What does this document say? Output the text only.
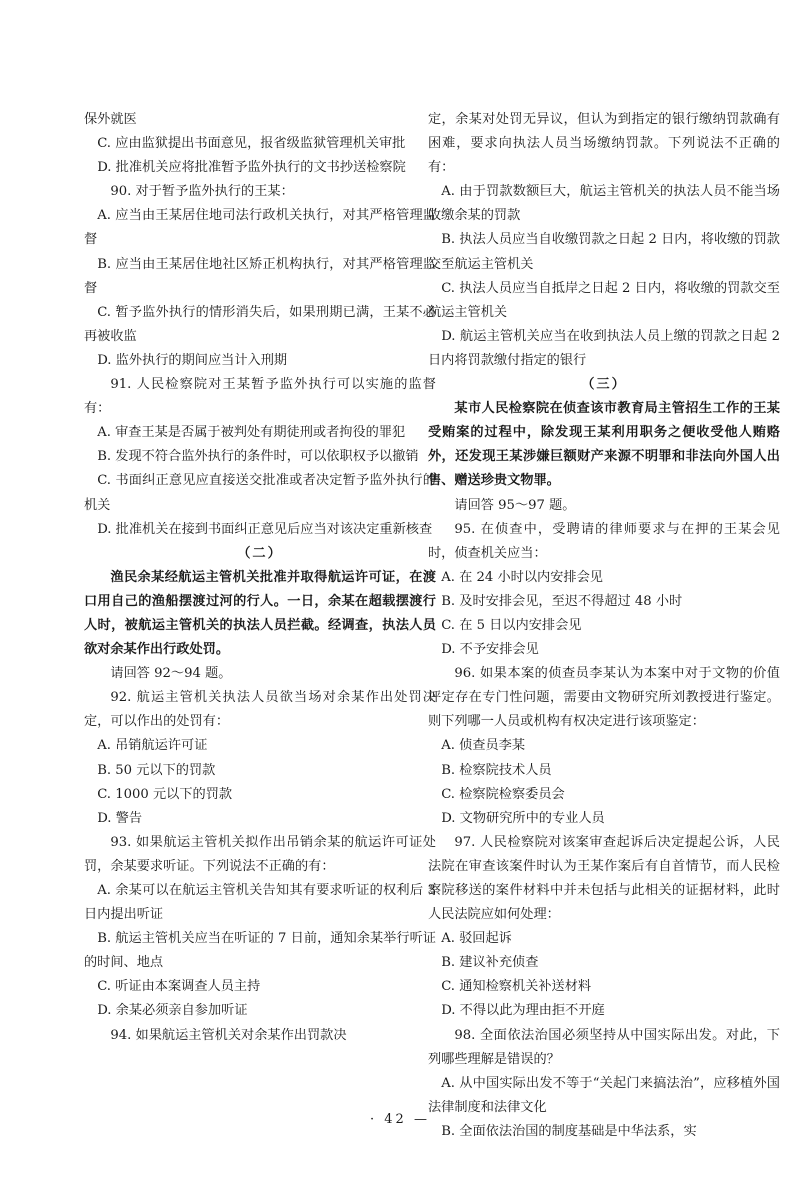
保外就医

C. 应由监狱提出书面意见，报省级监狱管理机关审批

D. 批准机关应将批准暂予监外执行的文书抄送检察院

90. 对于暂予监外执行的王某：

A. 应当由王某居住地司法行政机关执行，对其严格管理监督

B. 应当由王某居住地社区矫正机构执行，对其严格管理监督

C. 暂予监外执行的情形消失后，如果刑期已满，王某不必再被收监

D. 监外执行的期间应当计入刑期

91. 人民检察院对王某暂予监外执行可以实施的监督有：

A. 审查王某是否属于被判处有期徒刑或者拘役的罪犯

B. 发现不符合监外执行的条件时，可以依职权予以撤销

C. 书面纠正意见应直接送交批准或者决定暂予监外执行的机关

D. 批准机关在接到书面纠正意见后应当对该决定重新核查

（二）

渔民余某经航运主管机关批准并取得航运许可证，在渡口用自己的渔船摆渡过河的行人。一日，余某在超载摆渡行人时，被航运主管机关的执法人员拦截。经调查，执法人员欲对余某作出行政处罚。

请回答 92～94 题。

92. 航运主管机关执法人员欲当场对余某作出处罚决定，可以作出的处罚有：

A. 吊销航运许可证

B. 50 元以下的罚款

C. 1000 元以下的罚款

D. 警告

93. 如果航运主管机关拟作出吊销余某的航运许可证处罚，余某要求听证。下列说法不正确的有：

A. 余某可以在航运主管机关告知其有要求听证的权利后 3 日内提出听证

B. 航运主管机关应当在听证的 7 日前，通知余某举行听证的时间、地点

C. 听证由本案调查人员主持

D. 余某必须亲自参加听证

94. 如果航运主管机关对余某作出罚款决

定，余某对处罚无异议，但认为到指定的银行缴纳罚款确有困难，要求向执法人员当场缴纳罚款。下列说法不正确的有：

A. 由于罚款数额巨大，航运主管机关的执法人员不能当场收缴余某的罚款

B. 执法人员应当自收缴罚款之日起 2 日内，将收缴的罚款交至航运主管机关

C. 执法人员应当自抵岸之日起 2 日内，将收缴的罚款交至航运主管机关

D. 航运主管机关应当在收到执法人员上缴的罚款之日起 2 日内将罚款缴付指定的银行

（三）

某市人民检察院在侦查该市教育局主管招生工作的王某受贿案的过程中，除发现王某利用职务之便收受他人贿赂外，还发现王某涉嫌巨额财产来源不明罪和非法向外国人出售、赠送珍贵文物罪。

请回答 95～97 题。

95. 在侦查中，受聘请的律师要求与在押的王某会见时，侦查机关应当：

A. 在 24 小时以内安排会见

B. 及时安排会见，至迟不得超过 48 小时

C. 在 5 日以内安排会见

D. 不予安排会见

96. 如果本案的侦查员李某认为本案中对于文物的价值评定存在专门性问题，需要由文物研究所刘教授进行鉴定。则下列哪一人员或机构有权决定进行该项鉴定：

A. 侦查员李某

B. 检察院技术人员

C. 检察院检察委员会

D. 文物研究所中的专业人员

97. 人民检察院对该案审查起诉后决定提起公诉，人民法院在审查该案件时认为王某作案后有自首情节，而人民检察院移送的案件材料中并未包括与此相关的证据材料，此时人民法院应如何处理：

A. 驳回起诉

B. 建议补充侦查

C. 通知检察机关补送材料

D. 不得以此为理由拒不开庭

98. 全面依法治国必须坚持从中国实际出发。对此，下列哪些理解是错误的？

A. 从中国实际出发不等于“关起门来搞法治”，应移植外国法律制度和法律文化

B. 全面依法治国的制度基础是中华法系，实

· 42 —
